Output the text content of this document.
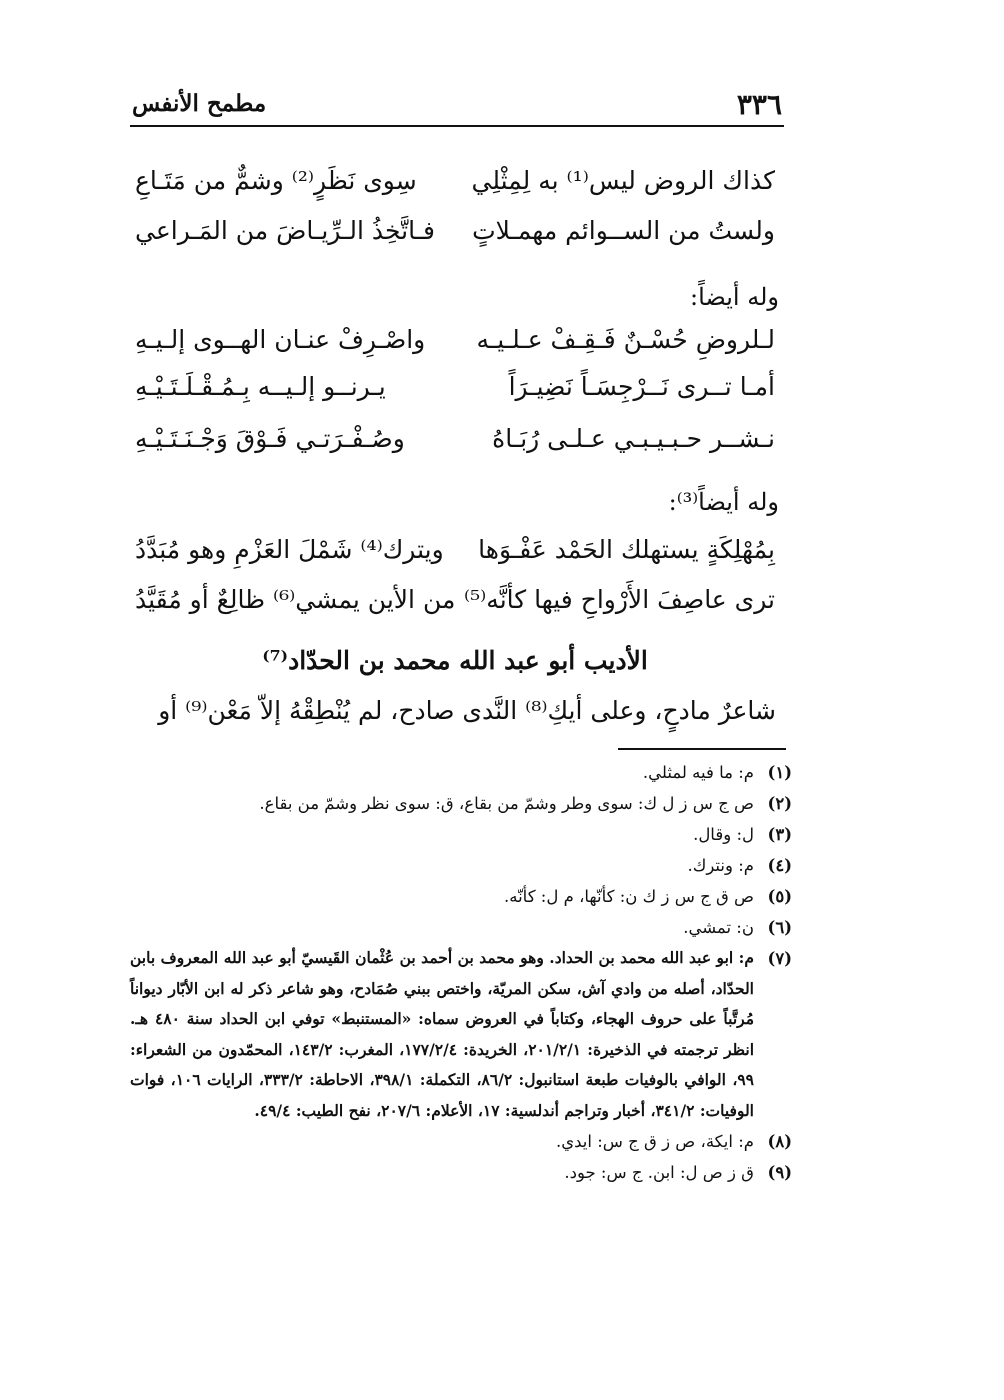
٣٣٦
مطمح الأنفس
كذاك الروض ليس⁽¹⁾ به لِمِثْلِي
سِوى نَظَرٍ⁽²⁾ وشمٌّ من مَتَـاعِ
ولستُ من الســوائم مهمـلاتٍ
فـاتَّخِذُ الـرِّيـاضَ من المَـراعي
وله أيضاً:
لـلروضِ حُسْـنٌ فَـقِـفْ عـلـيـه
واصْـرِفْ عنـان الهــوى إلـيـهِ
أمـا تــرى نَــرْجِسَـاً نَضِيـرَاً
يـرنــو إلـيــه بِـمُـقْـلَـتَـيْـهِ
نـشــر حـبـيـبـي عـلـى رُبَـاهُ
وصُـفْـرَتـي فَـوْقَ وَجْـنَـتَـيْـهِ
وله أيضاً⁽³⁾:
بِمُهْلِكَةٍ يستهلك الحَمْد عَفْـوَها
ويترك⁽⁴⁾ شَمْلَ العَزْمِ وهو مُبَدَّدُ
ترى عاصِفَ الأَرْواحِ فيها كأنَّه⁽⁵⁾
من الأين يمشي⁽⁶⁾ ظالِعٌ أو مُقَيَّدُ
الأديب أبو عبد الله محمد بن الحدّاد⁽⁷⁾
شاعرٌ مادحٍ، وعلى أيكِ⁽⁸⁾ النَّدى صادح، لم يُنْطِقْهُ إلاّ مَعْن⁽⁹⁾ أو
(١)
م: ما فيه لمثلي.
(٢)
ص ج س ز ل ك: سوى وطر وشمّ من بقاع، ق: سوى نظر وشمّ من بقاع.
(٣)
ل: وقال.
(٤)
م: ونترك.
(٥)
ص ق ج س ز ك ن: كأنّها، م ل: كأنّه.
(٦)
ن: تمشي.
(٧)
م: ابو عبد الله محمد بن الحداد. وهو محمد بن أحمد بن عُثْمان القَيسيّ أبو عبد الله المعروف بابن الحدّاد، أصله من وادي آش، سكن المريّة، واختص ببني صُمَادح، وهو شاعر ذكر له ابن الأبّار ديواناً مُرتَّباً على حروف الهجاء، وكتاباً في العروض سماه: «المستنبط» توفي ابن الحداد سنة ٤٨٠ هـ. انظر ترجمته في الذخيرة: ٢٠١/٢/١، الخريدة: ١٧٧/٢/٤، المغرب: ١٤٣/٢، المحمّدون من الشعراء: ٩٩، الوافي بالوفيات طبعة استانبول: ٨٦/٢، التكملة: ٣٩٨/١، الاحاطة: ٣٣٣/٢، الرايات ١٠٦، فوات الوفيات: ٣٤١/٢، أخبار وتراجم أندلسية: ١٧، الأعلام: ٢٠٧/٦، نفح الطيب: ٤٩/٤.
(٨)
م: ايكة، ص ز ق ج س: ايدي.
(٩)
ق ز ص ل: ابن. ج س: جود.
